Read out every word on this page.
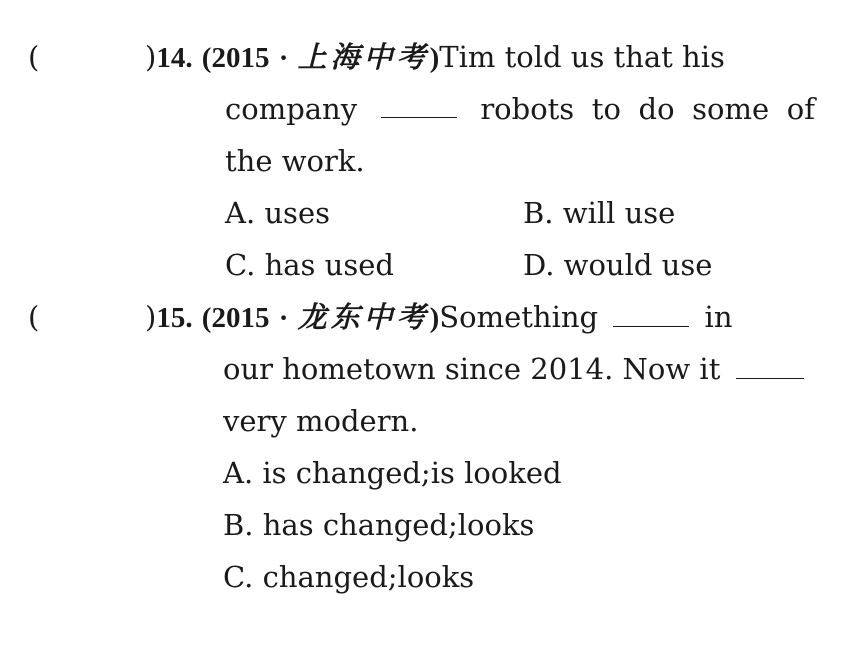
(	)14. (2015 · 上海中考)Tim told us that his
company	robots to do some of
the work.
A. uses	B. will use
C. has used	D. would use
(	)15. (2015 · 龙东中考)Something	in
our hometown since 2014. Now it
very modern.
A. is changed;is looked
B. has changed;looks
C. changed;looks
